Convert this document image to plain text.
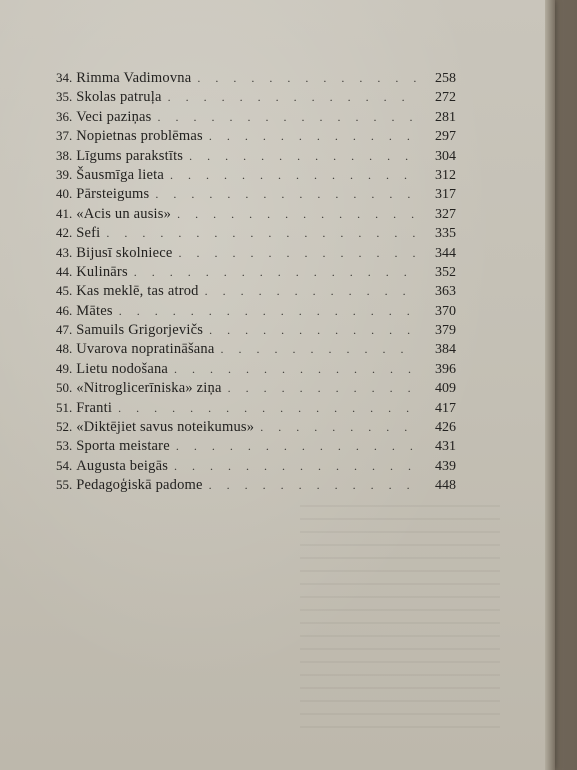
34. Rimma Vadimovna . . .	258
35. Skolas patruļa . . .	272
36. Veci paziņas . . .	281
37. Nopietnas problēmas . . .	297
38. Līgums parakstīts . . .	304
39. Šausmīga lieta . . .	312
40. Pārsteigums . . .	317
41. «Acis un ausis» . . .	327
42. Sefi . . .	335
43. Bijusī skolniece . . .	344
44. Kulinārs . . .	352
45. Kas meklē, tas atrod . . .	363
46. Mātes . . .	370
47. Samuils Grigorjevičs . . .	379
48. Uvarova nopratināšana . . .	384
49. Lietu nodošana . . .	396
50. «Nitroglicerīniska» ziņa . . .	409
51. Franti . . .	417
52. «Diktējiet savus noteikumus» . . .	426
53. Sporta meistare . . .	431
54. Augusta beigās . . .	439
55. Pedagoģiskā padome . . .	448
